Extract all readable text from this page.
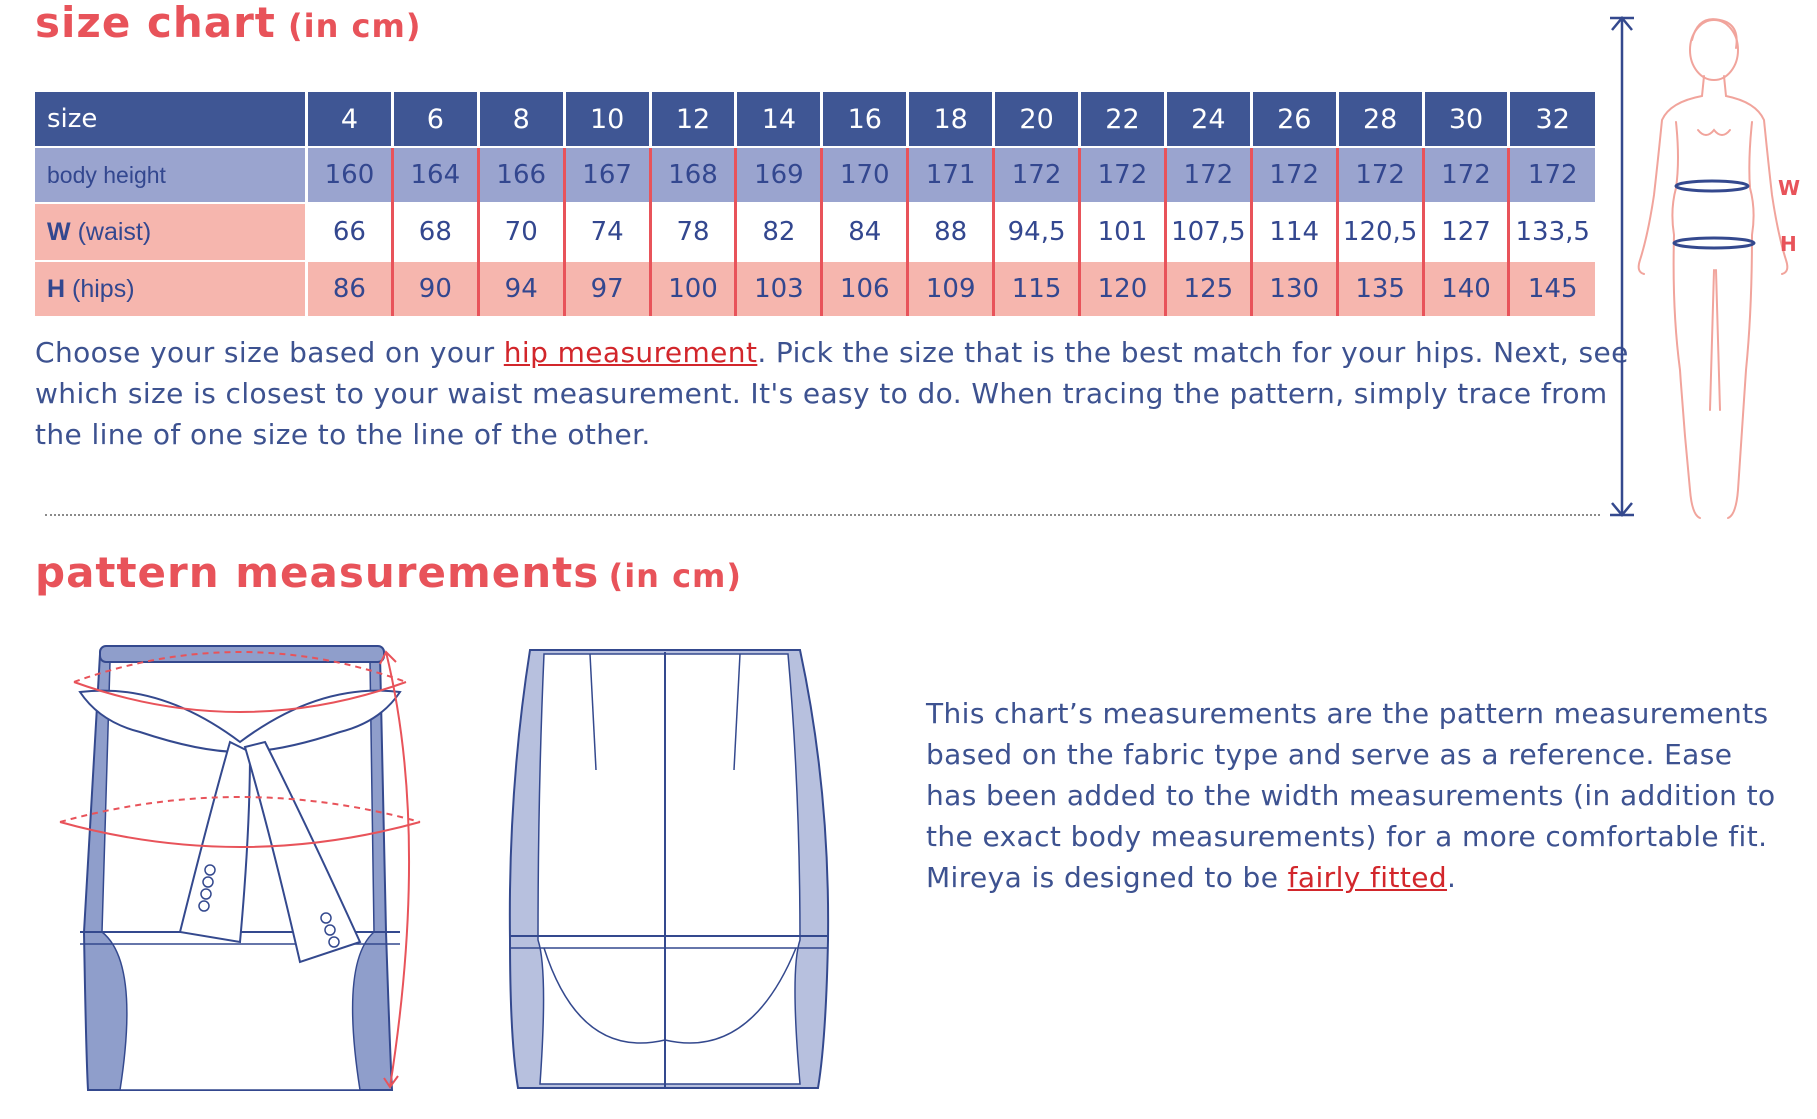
size chart (in cm)
size	4	6	8	10	12	14	16	18	20	22	24	26	28	30	32
body height	160	164	166	167	168	169	170	171	172	172	172	172	172	172	172
W (waist)	66	68	70	74	78	82	84	88	94,5	101	107,5	114	120,5	127	133,5
H (hips)	86	90	94	97	100	103	106	109	115	120	125	130	135	140	145

Choose your size based on your hip measurement. Pick the size that is the best match for your hips. Next, see which size is closest to your waist measurement. It's easy to do. When tracing the pattern, simply trace from the line of one size to the line of the other.

W
H
pattern measurements (in cm)

This chart’s measurements are the pattern measurements based on the fabric type and serve as a reference. Ease has been added to the width measurements (in addition to the exact body measurements) for a more comfortable fit. Mireya is designed to be fairly fitted.
